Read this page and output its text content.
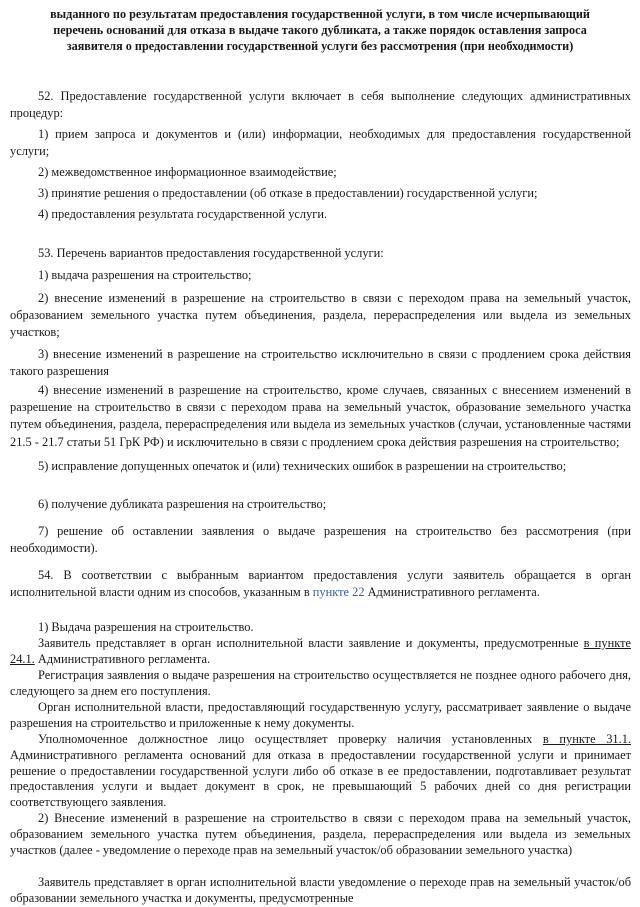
выданного по результатам предоставления государственной услуги, в том числе исчерпывающий перечень оснований для отказа в выдаче такого дубликата, а также порядок оставления запроса заявителя о предоставлении государственной услуги без рассмотрения (при необходимости)

52. Предоставление государственной услуги включает в себя выполнение следующих административных процедур:

1) прием запроса и документов и (или) информации, необходимых для предоставления государственной услуги;

2) межведомственное информационное взаимодействие;

3) принятие решения о предоставлении (об отказе в предоставлении) государственной услуги;

4) предоставления результата государственной услуги.

53. Перечень вариантов предоставления государственной услуги:

1) выдача разрешения на строительство;

2) внесение изменений в разрешение на строительство в связи с переходом права на земельный участок, образованием земельного участка путем объединения, раздела, перераспределения или выдела из земельных участков;

3) внесение изменений в разрешение на строительство исключительно в связи с продлением срока действия такого разрешения

4) внесение изменений в разрешение на строительство, кроме случаев, связанных с внесением изменений в разрешение на строительство в связи с переходом права на земельный участок, образование земельного участка путем объединения, раздела, перераспределения или выдела из земельных участков (случаи, установленные частями 21.5 - 21.7 статьи 51 ГрК РФ) и исключительно в связи с продлением срока действия разрешения на строительство;

5) исправление допущенных опечаток и (или) технических ошибок в разрешении на строительство;

6) получение дубликата разрешения на строительство;

7) решение об оставлении заявления о выдаче разрешения на строительство без рассмотрения (при необходимости).

54. В соответствии с выбранным вариантом предоставления услуги заявитель обращается в орган исполнительной власти одним из способов, указанным в пункте 22 Административного регламента.

1) Выдача разрешения на строительство.

Заявитель представляет в орган исполнительной власти заявление и документы, предусмотренные в пункте 24.1. Административного регламента.

Регистрация заявления о выдаче разрешения на строительство осуществляется не позднее одного рабочего дня, следующего за днем его поступления.

Орган исполнительной власти, предоставляющий государственную услугу, рассматривает заявление о выдаче разрешения на строительство и приложенные к нему документы.

Уполномоченное должностное лицо осуществляет проверку наличия установленных в пункте 31.1. Административного регламента оснований для отказа в предоставлении государственной услуги и принимает решение о предоставлении государственной услуги либо об отказе в ее предоставлении, подготавливает результат предоставления услуги и выдает документ в срок, не превышающий 5 рабочих дней со дня регистрации соответствующего заявления.

2) Внесение изменений в разрешение на строительство в связи с переходом права на земельный участок, образованием земельного участка путем объединения, раздела, перераспределения или выдела из земельных участков (далее - уведомление о переходе прав на земельный участок/об образовании земельного участка)

Заявитель представляет в орган исполнительной власти уведомление о переходе прав на земельный участок/об образовании земельного участка и документы, предусмотренные
